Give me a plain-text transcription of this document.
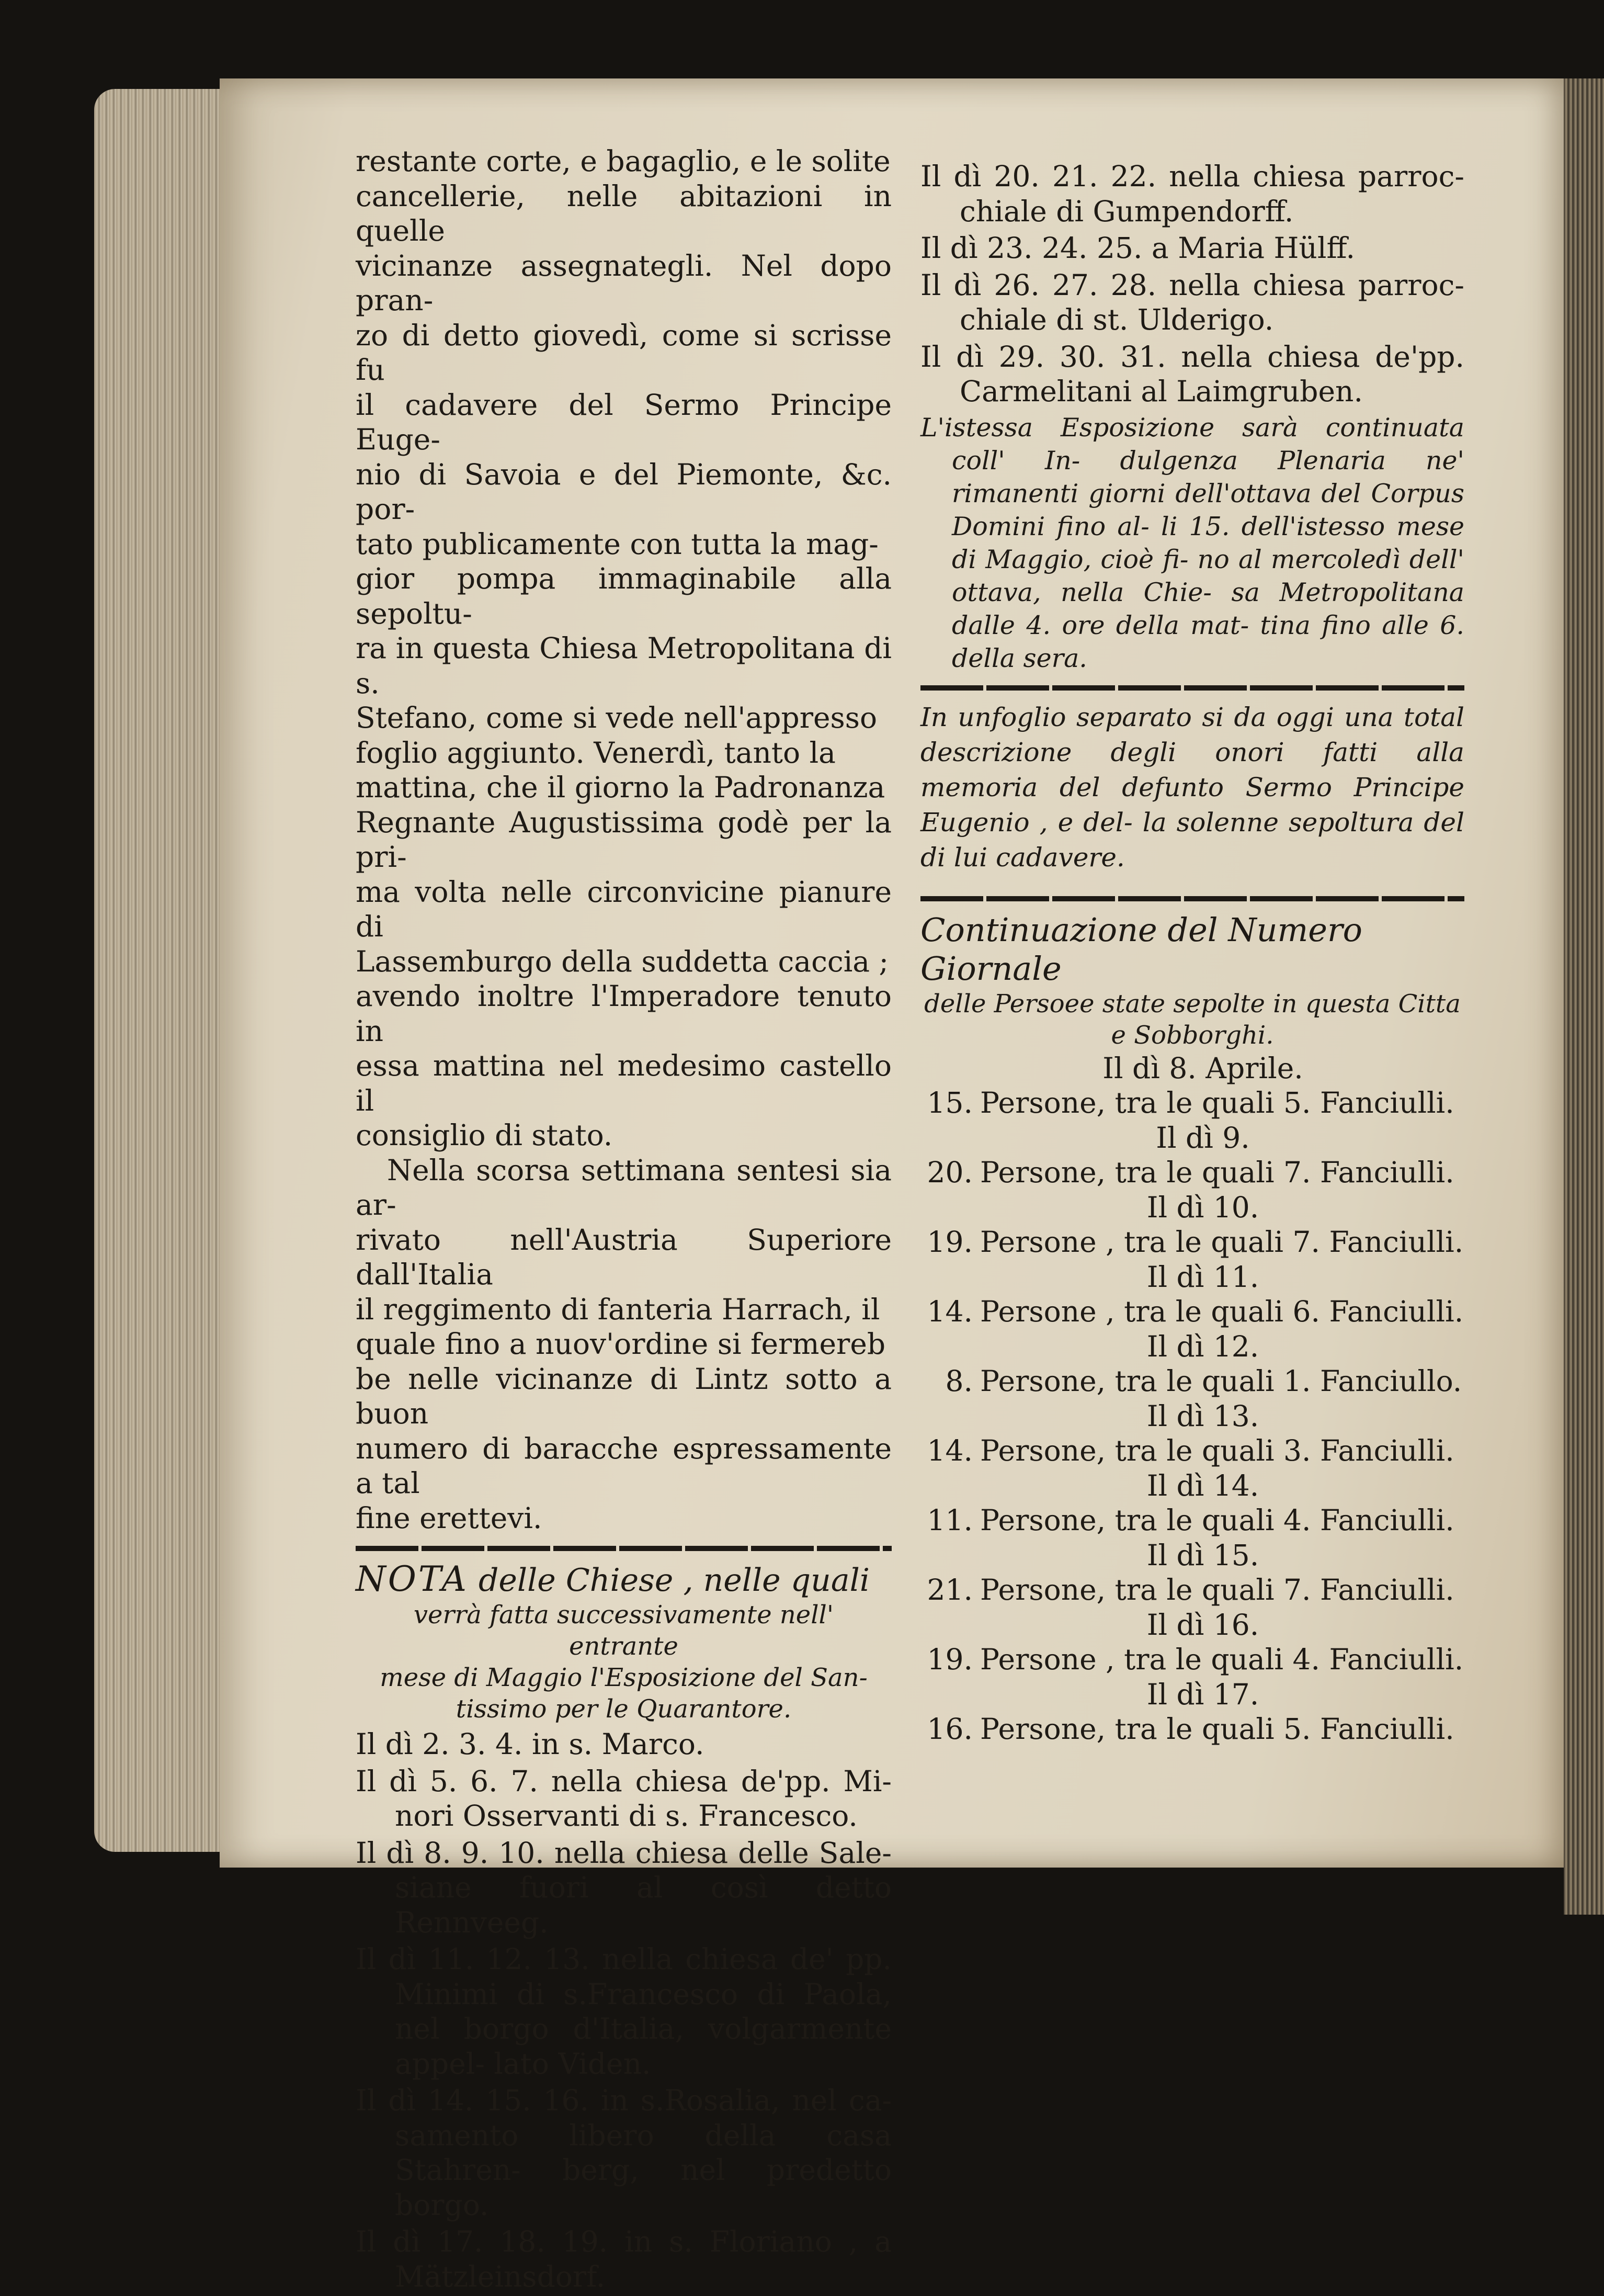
restante corte, e bagaglio, e le solite
cancellerie, nelle abitazioni in quelle
vicinanze assegnategli. Nel dopo pran-
zo di detto giovedì, come si scrisse fu
il cadavere del Sermo Principe Euge-
nio di Savoia e del Piemonte, &c. por-
tato publicamente con tutta la mag-
gior pompa immaginabile alla sepoltu-
ra in questa Chiesa Metropolitana di s.
Stefano, come si vede nell'appresso
foglio aggiunto. Venerdì, tanto la
mattina, che il giorno la Padronanza
Regnante Augustissima godè per la pri-
ma volta nelle circonvicine pianure di
Lassemburgo della suddetta caccia ;
avendo inoltre l'Imperadore tenuto in
essa mattina nel medesimo castello il
consiglio di stato.
Nella scorsa settimana sentesi sia ar-
rivato nell'Austria Superiore dall'Italia
il reggimento di fanteria Harrach, il
quale fino a nuov'ordine si fermereb
be nelle vicinanze di Lintz sotto a buon
numero di baracche espressamente a tal
fine erettevi.
NOTA delle Chiese , nelle quali
verrà fatta successivamente nell' entrante
mese di Maggio l'Esposizione del San-
tissimo per le Quarantore.
Il dì 2. 3. 4. in s. Marco.
Il dì 5. 6. 7. nella chiesa de'pp. Mi- nori Osservanti di s. Francesco.
Il dì 8. 9. 10. nella chiesa delle Sale- siane fuori al così detto Rennveeg.
Il dì 11. 12. 13. nella chiesa de' pp. Minimi di s.Francesco di Paola, nel borgo d'Italia, volgarmente appel- lato Viden.
Il dì 14. 15. 16. in s.Rosalia, nel ca- samento libero della casa Stahren- berg, nel predetto borgo.
Il dì 17. 18. 19. in s. Floriano , a Mätzleinsdorf.
Il dì 20. 21. 22. nella chiesa parroc- chiale di Gumpendorff.
Il dì 23. 24. 25. a Maria Hülff.
Il dì 26. 27. 28. nella chiesa parroc- chiale di st. Ulderigo.
Il dì 29. 30. 31. nella chiesa de'pp. Carmelitani al Laimgruben.
L'istessa Esposizione sarà continuata coll' In- dulgenza Plenaria ne' rimanenti giorni dell'ottava del Corpus Domini fino al- li 15. dell'istesso mese di Maggio, cioè fi- no al mercoledì dell' ottava, nella Chie- sa Metropolitana dalle 4. ore della mat- tina fino alle 6. della sera.
In unfoglio separato si da oggi una total descrizione degli onori fatti alla memoria del defunto Sermo Principe Eugenio , e del- la solenne sepoltura del di lui cadavere.
Continuazione del Numero Giornale
delle Persoee state sepolte in questa Citta
e Sobborghi.
Il dì 8. Aprile.
15. Persone, tra le quali 5. Fanciulli.
Il dì 9.
20. Persone, tra le quali 7. Fanciulli.
Il dì 10.
19. Persone , tra le quali 7. Fanciulli.
Il dì 11.
14. Persone , tra le quali 6. Fanciulli.
Il dì 12.
8. Persone, tra le quali 1. Fanciullo.
Il dì 13.
14. Persone, tra le quali 3. Fanciulli.
Il dì 14.
11. Persone, tra le quali 4. Fanciulli.
Il dì 15.
21. Persone, tra le quali 7. Fanciulli.
Il dì 16.
19. Persone , tra le quali 4. Fanciulli.
Il dì 17.
16. Persone, tra le quali 5. Fanciulli.
